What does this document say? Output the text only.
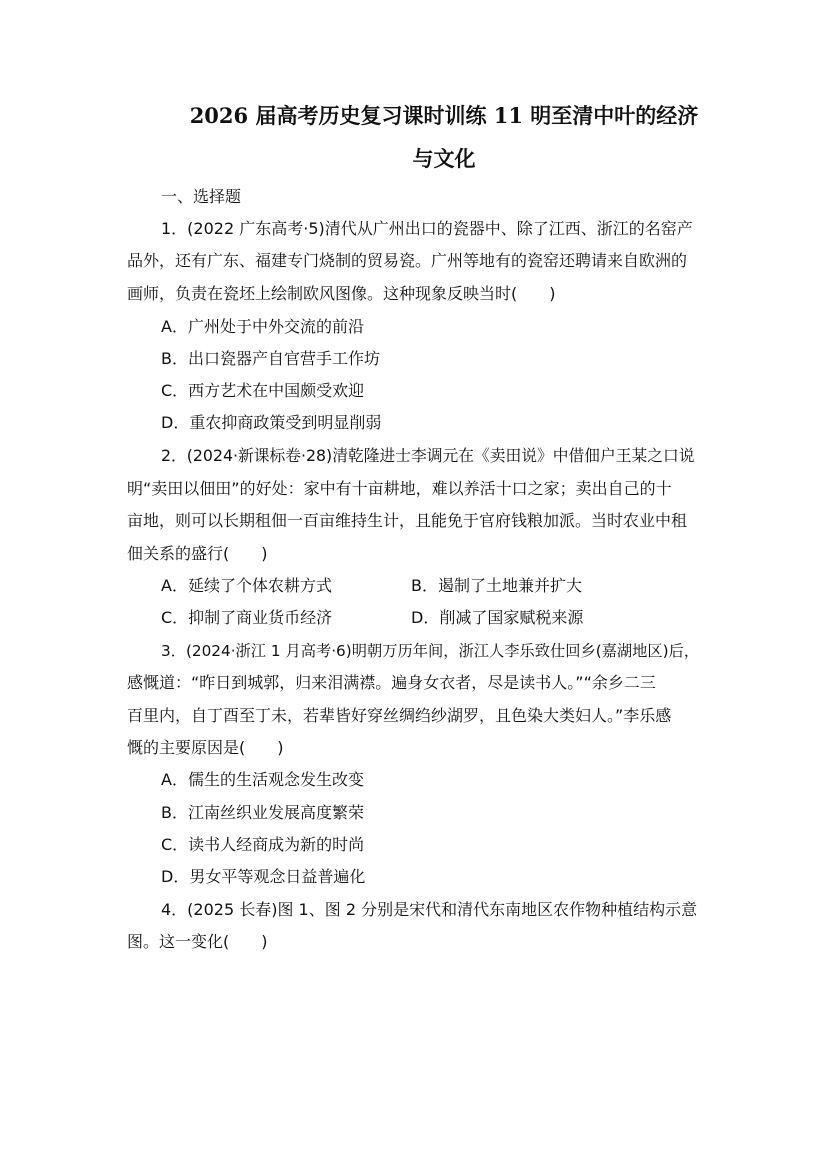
2026 届高考历史复习课时训练 11 明至清中叶的经济
与文化
一、选择题
1．(2022 广东高考·5)清代从广州出口的瓷器中、除了江西、浙江的名窑产
品外，还有广东、福建专门烧制的贸易瓷。广州等地有的瓷窑还聘请来自欧洲的
画师，负责在瓷坯上绘制欧风图像。这种现象反映当时(　　)
A．广州处于中外交流的前沿
B．出口瓷器产自官营手工作坊
C．西方艺术在中国颇受欢迎
D．重农抑商政策受到明显削弱
2．(2024·新课标卷·28)清乾隆进士李调元在《卖田说》中借佃户王某之口说
明“卖田以佃田”的好处：家中有十亩耕地，难以养活十口之家；卖出自己的十
亩地，则可以长期租佃一百亩维持生计，且能免于官府钱粮加派。当时农业中租
佃关系的盛行(　　)
A．延续了个体农耕方式	B．遏制了土地兼并扩大
C．抑制了商业货币经济	D．削减了国家赋税来源
3．(2024·浙江 1 月高考·6)明朝万历年间，浙江人李乐致仕回乡(嘉湖地区)后，
感慨道：“昨日到城郭，归来泪满襟。遍身女衣者，尽是读书人。”“余乡二三
百里内，自丁酉至丁未，若辈皆好穿丝绸绉纱湖罗，且色染大类妇人。”李乐感
慨的主要原因是(　　)
A．儒生的生活观念发生改变
B．江南丝织业发展高度繁荣
C．读书人经商成为新的时尚
D．男女平等观念日益普遍化
4．(2025 长春)图 1、图 2 分别是宋代和清代东南地区农作物种植结构示意
图。这一变化(　　)
